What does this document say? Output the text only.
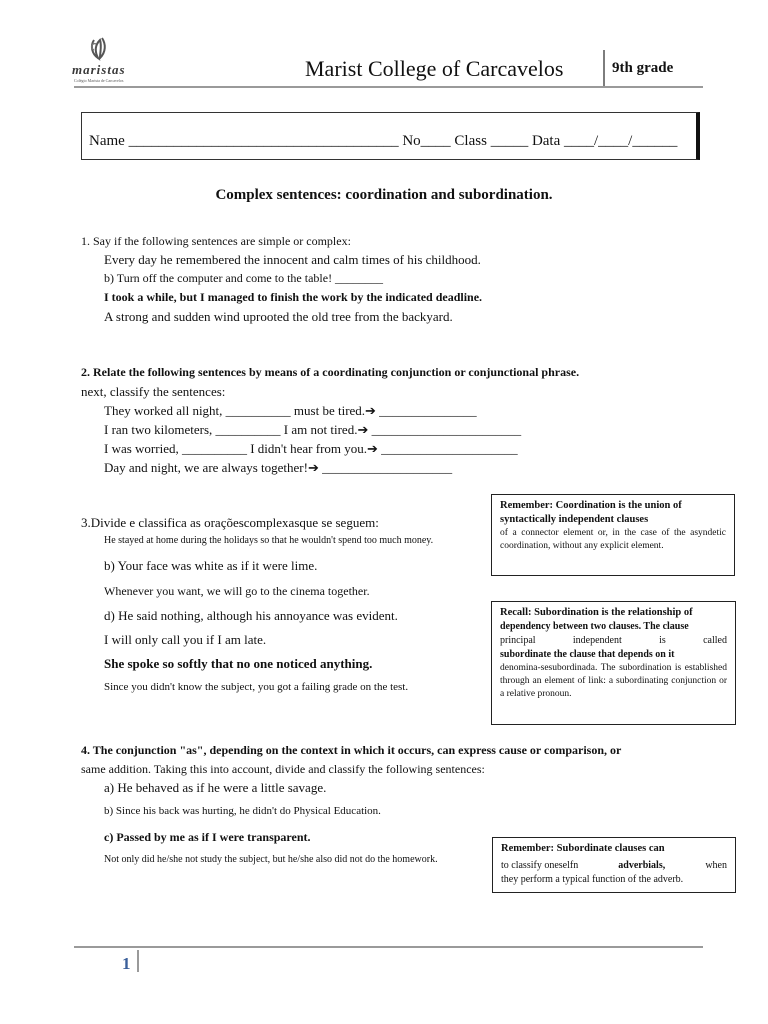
maristas
Colégio Marista de Carcavelos	Marist College of Carcavelos	9th grade
Name ____________________________________ No____ Class _____ Data ____/____/______
Complex sentences: coordination and subordination.
1. Say if the following sentences are simple or complex:
Every day he remembered the innocent and calm times of his childhood.
b) Turn off the computer and come to the table! ________
I took a while, but I managed to finish the work by the indicated deadline.
A strong and sudden wind uprooted the old tree from the backyard.
2. Relate the following sentences by means of a coordinating conjunction or conjunctional phrase.
next, classify the sentences:
They worked all night, __________ must be tired.➔ _______________
I ran two kilometers, __________ I am not tired.➔ _______________________
I was worried, __________ I didn't hear from you.➔ _____________________
Day and night, we are always together!➔ ____________________
3.Divide e classifica as oraçõescomplexasque se seguem:
He stayed at home during the holidays so that he wouldn't spend too much money.
b) Your face was white as if it were lime.
Whenever you want, we will go to the cinema together.
d) He said nothing, although his annoyance was evident.
I will only call you if I am late.
She spoke so softly that no one noticed anything.
Since you didn't know the subject, you got a failing grade on the test.
Remember: Coordination is the union of
syntactically independent clauses

of a connector element or, in the case of the asyndetic coordination, without any explicit element.

Recall: Subordination is the relationship of

dependency between two clauses. The clause

principal independent is called

subordinate the clause that depends on it

denomina-sesubordinada. The subordination is established through an element of link: a subordinating conjunction or a relative pronoun.

4. The conjunction "as", depending on the context in which it occurs, can express cause or comparison, or
same addition. Taking this into account, divide and classify the following sentences:
a) He behaved as if he were a little savage.
b) Since his back was hurting, he didn't do Physical Education.
c) Passed by me as if I were transparent.
Not only did he/she not study the subject, but he/she also did not do the homework.
Remember: Subordinate clauses can
to classify oneselfn	adverbials,	when

they perform a typical function of the adverb.

1
